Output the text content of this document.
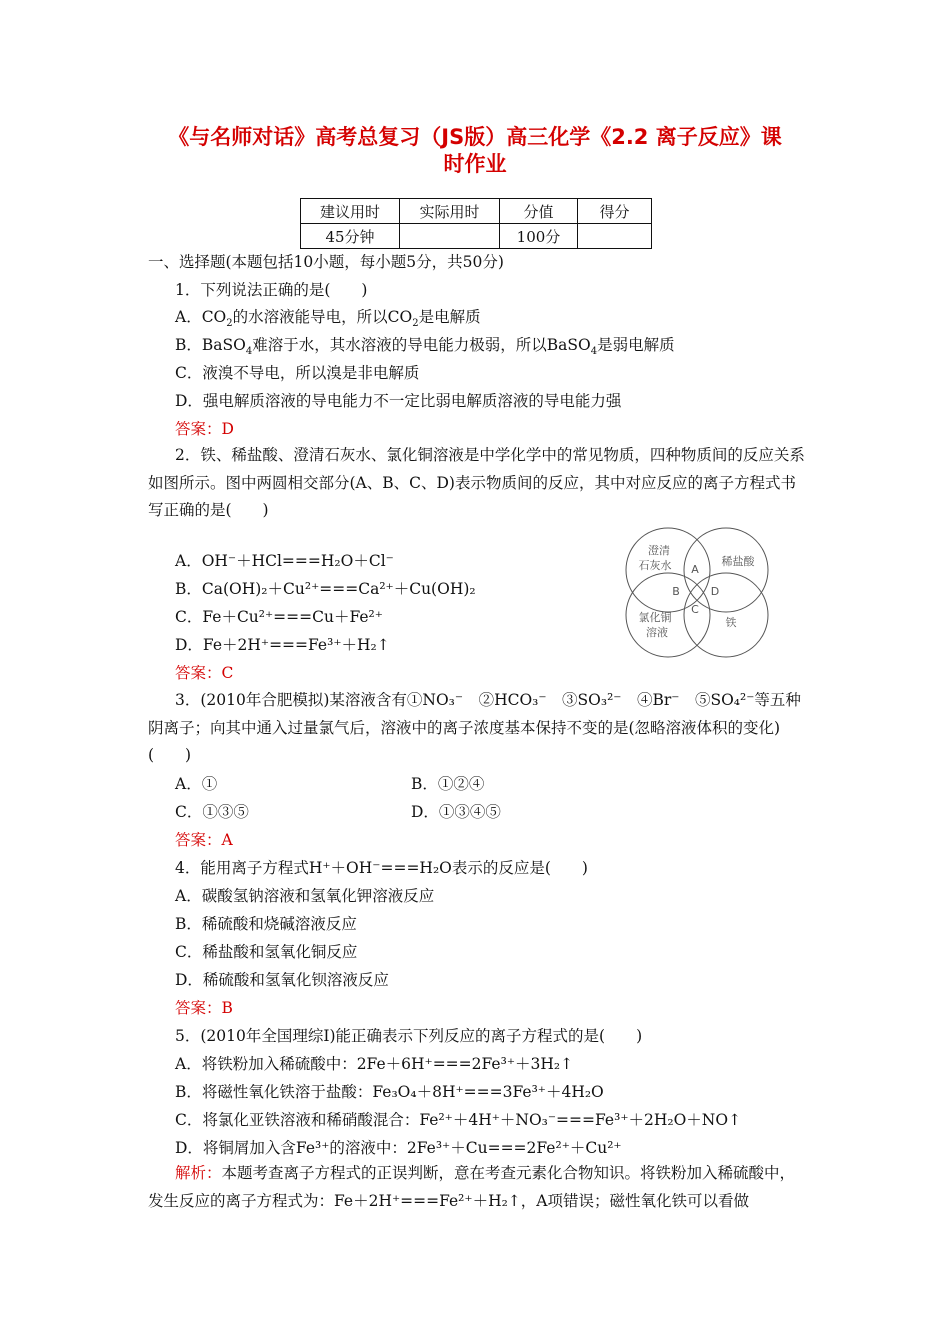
《与名师对话》高考总复习（JS版）高三化学《2.2 离子反应》课
时作业
建议用时	实际用时	分值	得分
45分钟		100分	
一、选择题(本题包括10小题，每小题5分，共50分)
1．下列说法正确的是(　　)
A．$CO_2$的水溶液能导电，所以$CO_2$是电解质
B．BaSO$_4$难溶于水，其水溶液的导电能力极弱，所以BaSO$_4$是弱电解质
C．液溴不导电，所以溴是非电解质
D．强电解质溶液的导电能力不一定比弱电解质溶液的导电能力强
答案：D
2．铁、稀盐酸、澄清石灰水、氯化铜溶液是中学化学中的常见物质，四种物质间的反应关系如图所示。图中两圆相交部分(A、B、C、D)表示物质间的反应，其中对应反应的离子方程式书写正确的是(　　)
A．OH⁻＋HCl===H₂O＋Cl⁻
B．Ca(OH)₂＋Cu²⁺===Ca²⁺＋Cu(OH)₂
C．Fe＋Cu²⁺===Cu＋Fe²⁺
D．Fe＋2H⁺===Fe³⁺＋H₂↑
答案：C
澄清
石灰水	稀盐酸
氯化铜
溶液
铁
A
B
C
D
3．(2010年合肥模拟)某溶液含有①NO₃⁻　②HCO₃⁻　③SO₃²⁻　④Br⁻　⑤SO₄²⁻等五种阴离子；向其中通入过量氯气后，溶液中的离子浓度基本保持不变的是(忽略溶液体积的变化)(　　)
A．①	B．①②④
C．①③⑤	D．①③④⑤
答案：A
4．能用离子方程式H⁺＋OH⁻===H₂O表示的反应是(　　)
A．碳酸氢钠溶液和氢氧化钾溶液反应
B．稀硫酸和烧碱溶液反应
C．稀盐酸和氢氧化铜反应
D．稀硫酸和氢氧化钡溶液反应
答案：B
5．(2010年全国理综Ⅰ)能正确表示下列反应的离子方程式的是(　　)
A．将铁粉加入稀硫酸中：2Fe＋6H⁺===2Fe³⁺＋3H₂↑
B．将磁性氧化铁溶于盐酸：Fe₃O₄＋8H⁺===3Fe³⁺＋4H₂O
C．将氯化亚铁溶液和稀硝酸混合：Fe²⁺＋4H⁺＋NO₃⁻===Fe³⁺＋2H₂O＋NO↑
D．将铜屑加入含Fe³⁺的溶液中：2Fe³⁺＋Cu===2Fe²⁺＋Cu²⁺
解析：本题考查离子方程式的正误判断，意在考查元素化合物知识。将铁粉加入稀硫酸中，发生反应的离子方程式为：Fe＋2H⁺===Fe²⁺＋H₂↑，A项错误；磁性氧化铁可以看做
